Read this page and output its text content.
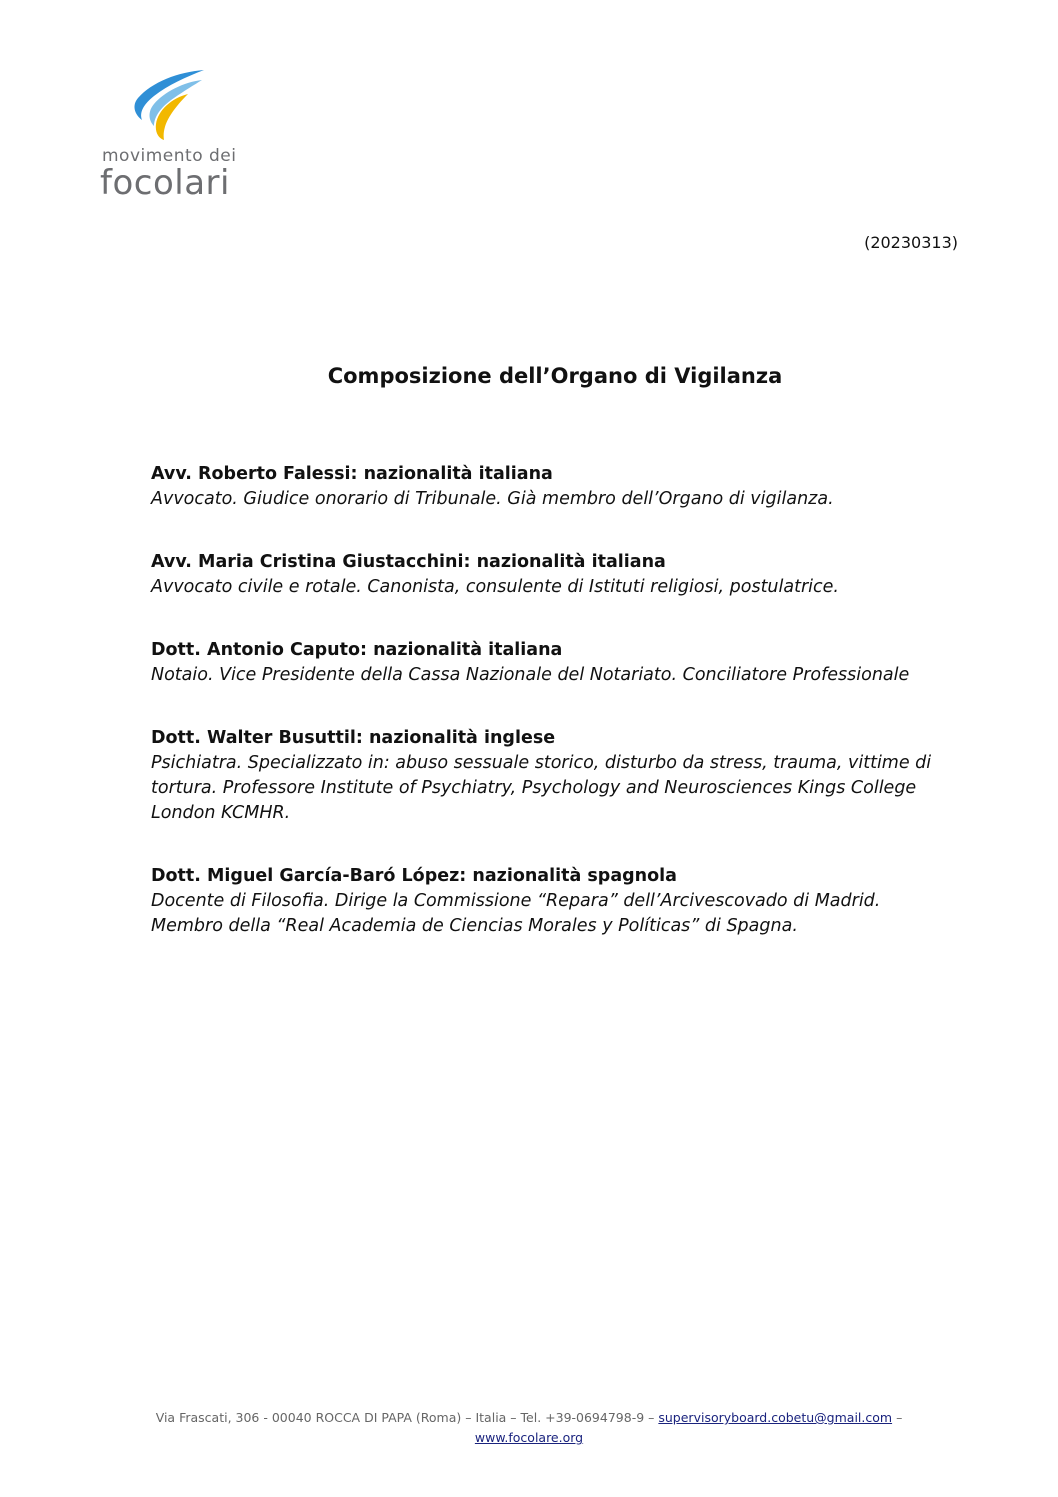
movimento dei
focolari
(20230313)
Composizione dell’Organo di Vigilanza
Avv. Roberto Falessi: nazionalità italiana
Avvocato. Giudice onorario di Tribunale. Già membro dell’Organo di vigilanza.
Avv. Maria Cristina Giustacchini: nazionalità italiana
Avvocato civile e rotale. Canonista, consulente di Istituti religiosi, postulatrice.
Dott. Antonio Caputo: nazionalità italiana
Notaio. Vice Presidente della Cassa Nazionale del Notariato. Conciliatore Professionale
Dott. Walter Busuttil: nazionalità inglese
Psichiatra. Specializzato in: abuso sessuale storico, disturbo da stress, trauma, vittime di tortura. Professore Institute of Psychiatry, Psychology and Neurosciences Kings College London KCMHR.
Dott. Miguel García-Baró López: nazionalità spagnola
Docente di Filosofia. Dirige la Commissione “Repara” dell’Arcivescovado di Madrid.
Membro della “Real Academia de Ciencias Morales y Políticas” di Spagna.
Via Frascati, 306 - 00040 ROCCA DI PAPA (Roma) – Italia – Tel. +39-0694798-9 – supervisoryboard.cobetu@gmail.com –
www.focolare.org
